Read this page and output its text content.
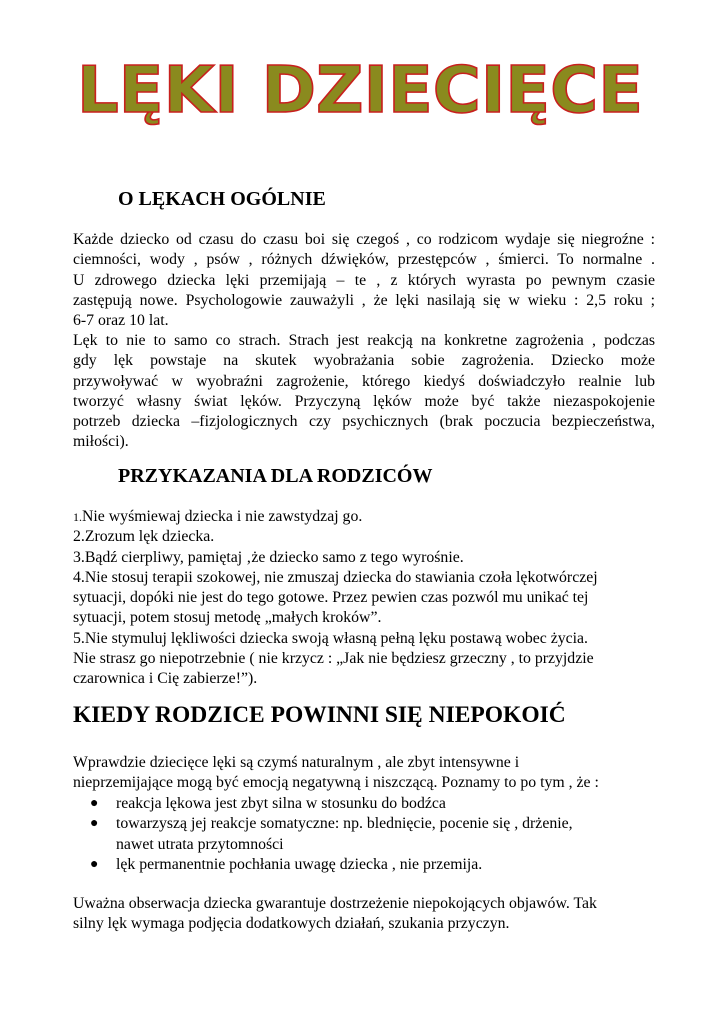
LĘKI DZIECIĘCE
O LĘKACH OGÓLNIE
Każde dziecko od czasu do czasu boi się czegoś , co rodzicom wydaje się niegroźne :
ciemności, wody , psów , różnych dźwięków, przestępców , śmierci. To normalne .
U zdrowego dziecka lęki przemijają – te , z których wyrasta po pewnym czasie
zastępują nowe. Psychologowie zauważyli , że lęki nasilają się w wieku : 2,5 roku ;
6-7 oraz 10 lat.
Lęk to nie to samo co strach. Strach jest reakcją na konkretne zagrożenia , podczas
gdy lęk powstaje na skutek wyobrażania sobie zagrożenia. Dziecko może
przywoływać w wyobraźni zagrożenie, którego kiedyś doświadczyło realnie lub
tworzyć własny świat lęków. Przyczyną lęków może być także niezaspokojenie
potrzeb dziecka –fizjologicznych czy psychicznych (brak poczucia bezpieczeństwa,
miłości).
PRZYKAZANIA DLA RODZICÓW
1.Nie wyśmiewaj dziecka i nie zawstydzaj go.
2.Zrozum lęk dziecka.
3.Bądź cierpliwy, pamiętaj ‚że dziecko samo z tego wyrośnie.
4.Nie stosuj terapii szokowej, nie zmuszaj dziecka do stawiania czoła lękotwórczej
sytuacji, dopóki nie jest do tego gotowe. Przez pewien czas pozwól mu unikać tej
sytuacji, potem stosuj metodę „małych kroków”.
5.Nie stymuluj lękliwości dziecka swoją własną pełną lęku postawą wobec życia.
Nie strasz go niepotrzebnie ( nie krzycz : „Jak nie będziesz grzeczny , to przyjdzie
czarownica i Cię zabierze!”).
KIEDY RODZICE POWINNI SIĘ NIEPOKOIĆ
Wprawdzie dziecięce lęki są czymś naturalnym , ale zbyt intensywne i
nieprzemijające mogą być emocją negatywną i niszczącą. Poznamy to po tym , że :
● reakcja lękowa jest zbyt silna w stosunku do bodźca
● towarzyszą jej reakcje somatyczne: np. blednięcie, pocenie się , drżenie,
nawet utrata przytomności
● lęk permanentnie pochłania uwagę dziecka , nie przemija.
Uważna obserwacja dziecka gwarantuje dostrzeżenie niepokojących objawów. Tak
silny lęk wymaga podjęcia dodatkowych działań, szukania przyczyn.
